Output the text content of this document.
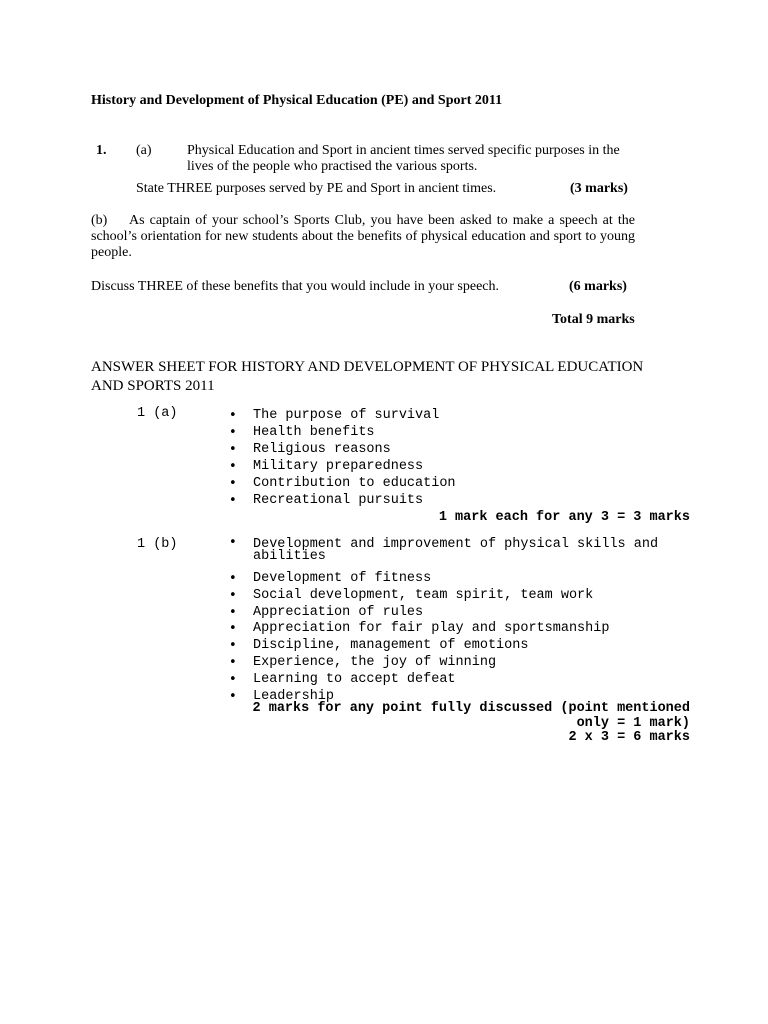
History and Development of Physical Education (PE) and Sport 2011
1. (a)	Physical Education and Sport in ancient times served specific purposes in the lives of the people who practised the various sports.
State THREE purposes served by PE and Sport in ancient times.	(3 marks)
(b) As captain of your school’s Sports Club, you have been asked to make a speech at the school’s orientation for new students about the benefits of physical education and sport to young people.
Discuss THREE of these benefits that you would include in your speech.	(6 marks)
Total 9 marks
ANSWER SHEET FOR HISTORY AND DEVELOPMENT OF PHYSICAL EDUCATION
AND SPORTS 2011
1 (a)	• The purpose of survival
• Health benefits
• Religious reasons
• Military preparedness
• Contribution to education
• Recreational pursuits
1 mark each for any 3 = 3 marks
1 (b)	• Development and improvement of physical skills and abilities
• Development of fitness
• Social development, team spirit, team work
• Appreciation of rules
• Appreciation for fair play and sportsmanship
• Discipline, management of emotions
• Experience, the joy of winning
• Learning to accept defeat
• Leadership
2 marks for any point fully discussed (point mentioned
only = 1 mark)
2 x 3 = 6 marks
